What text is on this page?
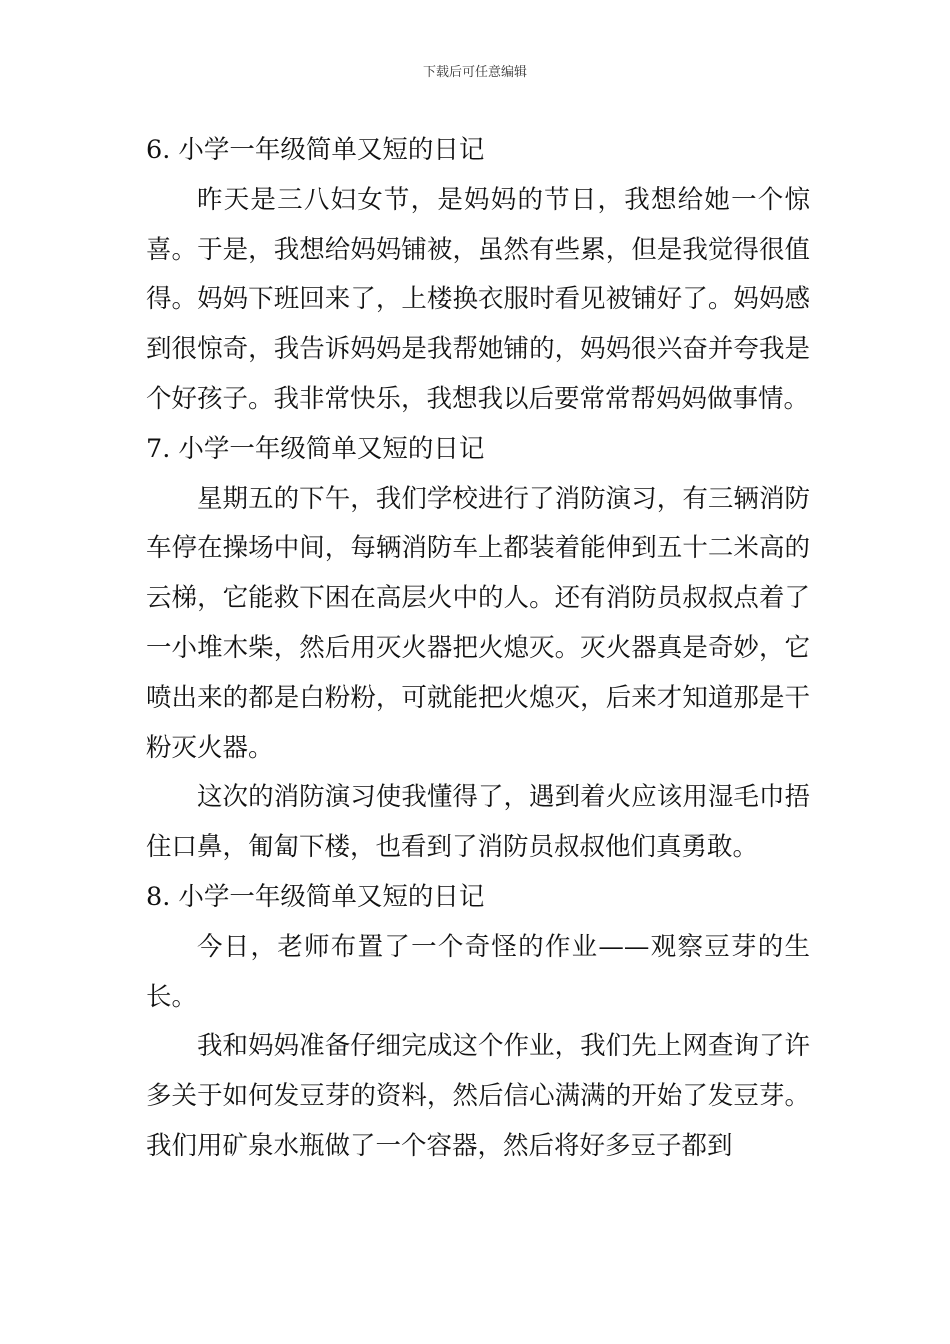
下载后可任意编辑

6. 小学一年级简单又短的日记

昨天是三八妇女节，是妈妈的节日，我想给她一个惊喜。于是，我想给妈妈铺被，虽然有些累，但是我觉得很值得。妈妈下班回来了，上楼换衣服时看见被铺好了。妈妈感到很惊奇，我告诉妈妈是我帮她铺的，妈妈很兴奋并夸我是个好孩子。我非常快乐，我想我以后要常常帮妈妈做事情。

7. 小学一年级简单又短的日记

星期五的下午，我们学校进行了消防演习，有三辆消防车停在操场中间，每辆消防车上都装着能伸到五十二米高的云梯，它能救下困在高层火中的人。还有消防员叔叔点着了一小堆木柴，然后用灭火器把火熄灭。灭火器真是奇妙，它喷出来的都是白粉粉，可就能把火熄灭，后来才知道那是干粉灭火器。

这次的消防演习使我懂得了，遇到着火应该用湿毛巾捂住口鼻，匍匐下楼，也看到了消防员叔叔他们真勇敢。

8. 小学一年级简单又短的日记

今日，老师布置了一个奇怪的作业——观察豆芽的生长。

我和妈妈准备仔细完成这个作业，我们先上网查询了许多关于如何发豆芽的资料，然后信心满满的开始了发豆芽。我们用矿泉水瓶做了一个容器，然后将好多豆子都到
